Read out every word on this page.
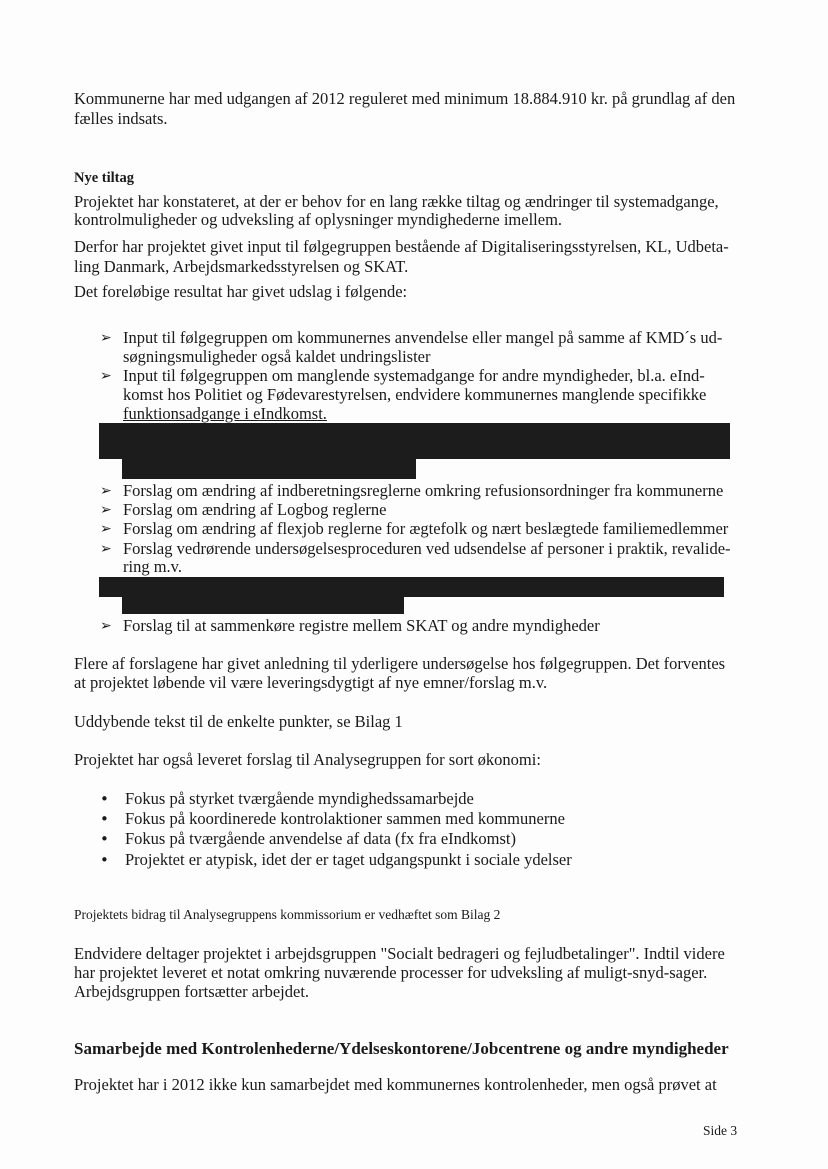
Kommunerne har med udgangen af 2012 reguleret med minimum 18.884.910 kr. på grundlag af den
fælles indsats.
Nye tiltag
Projektet har konstateret, at der er behov for en lang række tiltag og ændringer til systemadgange,
kontrolmuligheder og udveksling af oplysninger myndighederne imellem.
Derfor har projektet givet input til følgegruppen bestående af Digitaliseringsstyrelsen, KL, Udbeta-
ling Danmark, Arbejdsmarkedsstyrelsen og SKAT.
Det foreløbige resultat har givet udslag i følgende:
➢ Input til følgegruppen om kommunernes anvendelse eller mangel på samme af KMD´s ud-
søgningsmuligheder også kaldet undringslister
➢ Input til følgegruppen om manglende systemadgange for andre myndigheder, bl.a. eInd-
komst hos Politiet og Fødevarestyrelsen, endvidere kommunernes manglende specifikke
funktionsadgange i eIndkomst.
➢ Forslag om ændring af indberetningsreglerne omkring refusionsordninger fra kommunerne
➢ Forslag om ændring af Logbog reglerne
➢ Forslag om ændring af flexjob reglerne for ægtefolk og nært beslægtede familiemedlemmer
➢ Forslag vedrørende undersøgelsesproceduren ved udsendelse af personer i praktik, revalide-
ring m.v.
➢ Forslag til at sammenkøre registre mellem SKAT og andre myndigheder
Flere af forslagene har givet anledning til yderligere undersøgelse hos følgegruppen. Det forventes
at projektet løbende vil være leveringsdygtigt af nye emner/forslag m.v.
Uddybende tekst til de enkelte punkter, se Bilag 1
Projektet har også leveret forslag til Analysegruppen for sort økonomi:
• Fokus på styrket tværgående myndighedssamarbejde
• Fokus på koordinerede kontrolaktioner sammen med kommunerne
• Fokus på tværgående anvendelse af data (fx fra eIndkomst)
• Projektet er atypisk, idet der er taget udgangspunkt i sociale ydelser
Projektets bidrag til Analysegruppens kommissorium er vedhæftet som Bilag 2
Endvidere deltager projektet i arbejdsgruppen "Socialt bedrageri og fejludbetalinger". Indtil videre
har projektet leveret et notat omkring nuværende processer for udveksling af muligt-snyd-sager.
Arbejdsgruppen fortsætter arbejdet.
Samarbejde med Kontrolenhederne/Ydelseskontorene/Jobcentrene og andre myndigheder
Projektet har i 2012 ikke kun samarbejdet med kommunernes kontrolenheder, men også prøvet at
Side 3
